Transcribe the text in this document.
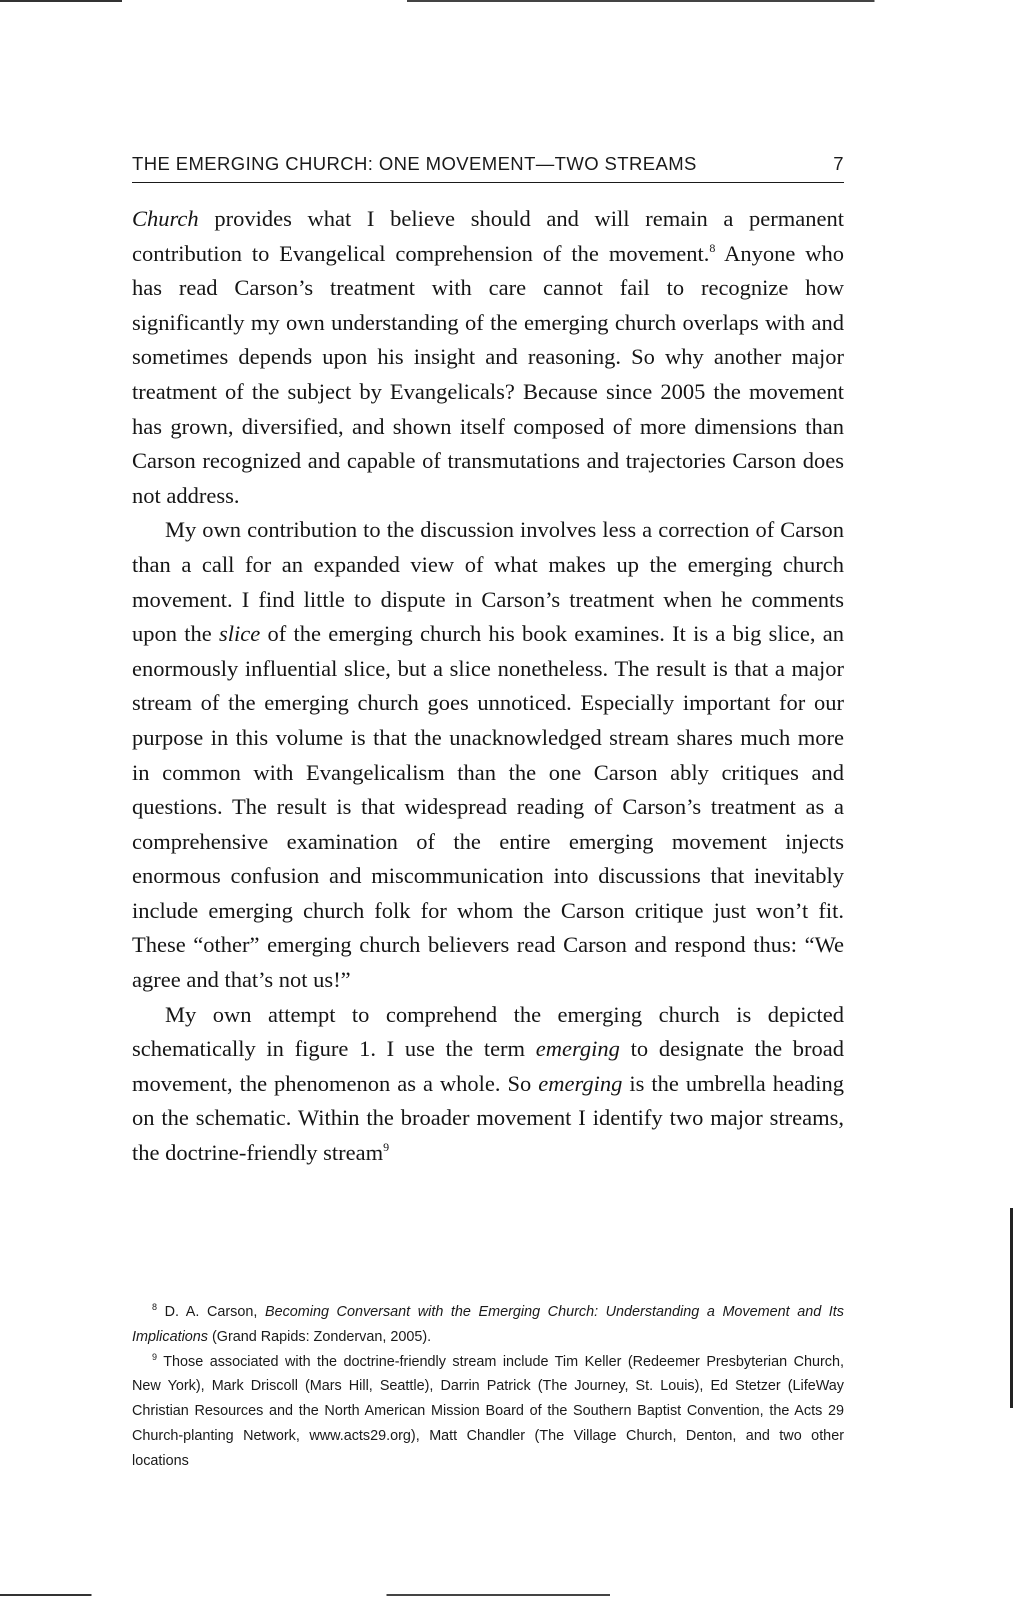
THE EMERGING CHURCH: ONE MOVEMENT—TWO STREAMS	7

Church provides what I believe should and will remain a permanent contribution to Evangelical comprehension of the movement.$^8$ Anyone who has read Carson’s treatment with care cannot fail to recognize how significantly my own understanding of the emerging church overlaps with and sometimes depends upon his insight and reasoning. So why another major treatment of the subject by Evangelicals? Because since 2005 the movement has grown, diversified, and shown itself composed of more dimensions than Carson recognized and capable of transmutations and trajectories Carson does not address.

My own contribution to the discussion involves less a correction of Carson than a call for an expanded view of what makes up the emerging church movement. I find little to dispute in Carson’s treatment when he comments upon the slice of the emerging church his book examines. It is a big slice, an enormously influential slice, but a slice nonetheless. The result is that a major stream of the emerging church goes unnoticed. Especially important for our purpose in this volume is that the unacknowledged stream shares much more in common with Evangelicalism than the one Carson ably critiques and questions. The result is that widespread reading of Carson’s treatment as a comprehensive examination of the entire emerging movement injects enormous confusion and miscommunication into discussions that inevitably include emerging church folk for whom the Carson critique just won’t fit. These “other” emerging church believers read Carson and respond thus: “We agree and that’s not us!”

My own attempt to comprehend the emerging church is depicted schematically in figure 1. I use the term emerging to designate the broad movement, the phenomenon as a whole. So emerging is the umbrella heading on the schematic. Within the broader movement I identify two major streams, the doctrine-friendly stream$^9$

$^8$ D. A. Carson, Becoming Conversant with the Emerging Church: Understanding a Movement and Its Implications (Grand Rapids: Zondervan, 2005).

$^9$ Those associated with the doctrine-friendly stream include Tim Keller (Redeemer Presbyterian Church, New York), Mark Driscoll (Mars Hill, Seattle), Darrin Patrick (The Journey, St. Louis), Ed Stetzer (LifeWay Christian Resources and the North American Mission Board of the Southern Baptist Convention, the Acts 29 Church-planting Network, www.acts29.org), Matt Chandler (The Village Church, Denton, and two other locations
